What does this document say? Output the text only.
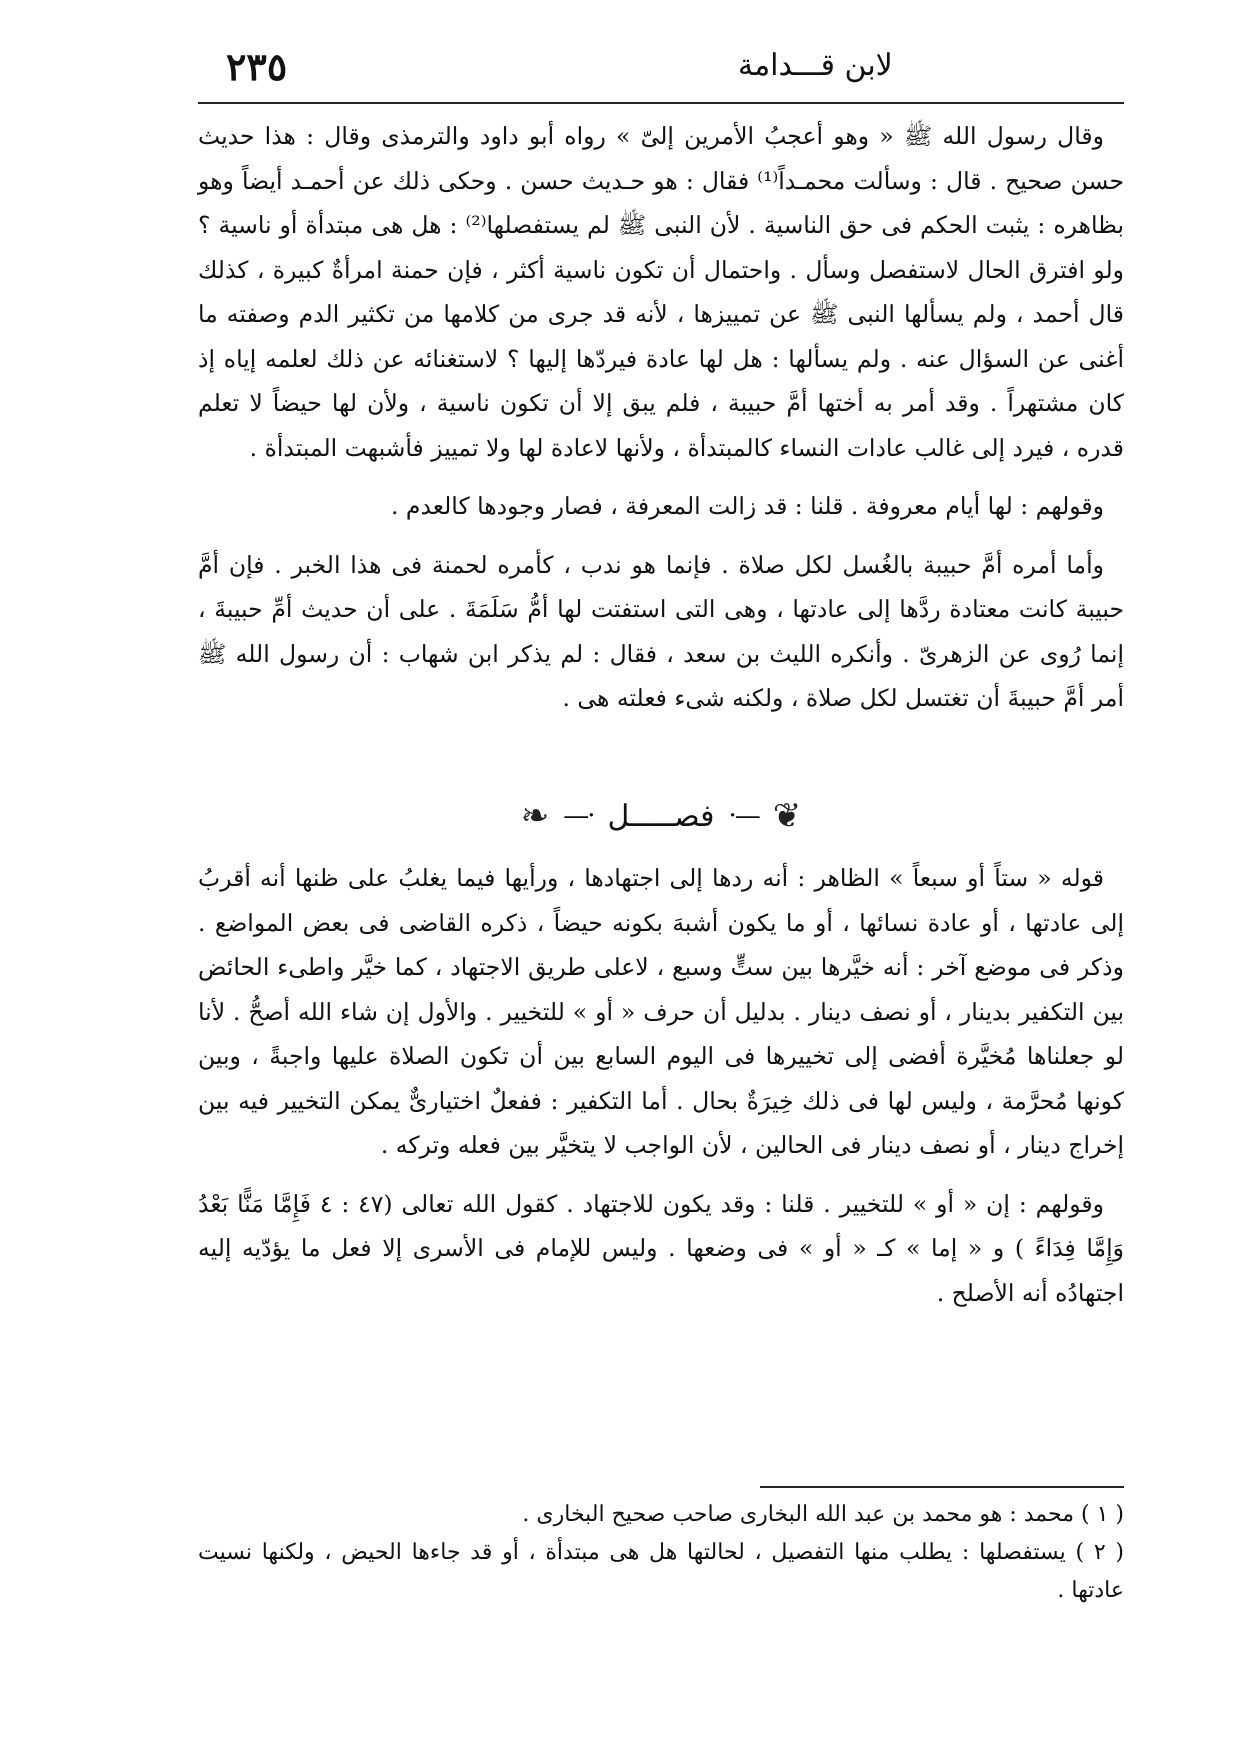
٢٣٥	لابن قـــدامة

وقال رسول الله ﷺ « وهو أعجبُ الأمرين إلىّ » رواه أبو داود والترمذى وقال : هذا حديث حسن صحيح . قال : وسألت محمـداً⁽¹⁾ فقال : هو حـديث حسن . وحكى ذلك عن أحمـد أيضاً وهو بظاهره : يثبت الحكم فى حق الناسية . لأن النبى ﷺ لم يستفصلها⁽²⁾ : هل هى مبتدأة أو ناسية ؟ ولو افترق الحال لاستفصل وسأل . واحتمال أن تكون ناسية أكثر ، فإن حمنة امرأةٌ كبيرة ، كذلك قال أحمد ، ولم يسألها النبى ﷺ عن تمييزها ، لأنه قد جرى من كلامها من تكثير الدم وصفته ما أغنى عن السؤال عنه . ولم يسألها : هل لها عادة فيردّها إليها ؟ لاستغنائه عن ذلك لعلمه إياه إذ كان مشتهراً . وقد أمر به أختها أمَّ حبيبة ، فلم يبق إلا أن تكون ناسية ، ولأن لها حيضاً لا تعلم قدره ، فيرد إلى غالب عادات النساء كالمبتدأة ، ولأنها لاعادة لها ولا تمييز فأشبهت المبتدأة .

وقولهم : لها أيام معروفة . قلنا : قد زالت المعرفة ، فصار وجودها كالعدم .

وأما أمره أمَّ حبيبة بالغُسل لكل صلاة . فإنما هو ندب ، كأمره لحمنة فى هذا الخبر . فإن أمَّ حبيبة كانت معتادة ردَّها إلى عادتها ، وهى التى استفتت لها أمُّ سَلَمَةَ . على أن حديث أمِّ حبيبةَ ، إنما رُوى عن الزهرىّ . وأنكره الليث بن سعد ، فقال : لم يذكر ابن شهاب : أن رسول الله ﷺ أمر أمَّ حبيبةَ أن تغتسل لكل صلاة ، ولكنه شىء فعلته هى .

❦
—·
فصـــــل
·—
❧

قوله « ستاً أو سبعاً » الظاهر : أنه ردها إلى اجتهادها ، ورأيها فيما يغلبُ على ظنها أنه أقربُ إلى عادتها ، أو عادة نسائها ، أو ما يكون أشبهَ بكونه حيضاً ، ذكره القاضى فى بعض المواضع . وذكر فى موضع آخر : أنه خيَّرها بين ستٍّ وسبع ، لاعلى طريق الاجتهاد ، كما خيَّر واطىء الحائض بين التكفير بدينار ، أو نصف دينار . بدليل أن حرف « أو » للتخيير . والأول إن شاء الله أصحُّ . لأنا لو جعلناها مُخيَّرة أفضى إلى تخييرها فى اليوم السابع بين أن تكون الصلاة عليها واجبةً ، وبين كونها مُحرَّمة ، وليس لها فى ذلك خِيرَةٌ بحال . أما التكفير : ففعلٌ اختيارىٌّ يمكن التخيير فيه بين إخراج دينار ، أو نصف دينار فى الحالين ، لأن الواجب لا يتخيَّر بين فعله وتركه .

وقولهم : إن « أو » للتخيير . قلنا : وقد يكون للاجتهاد . كقول الله تعالى (٤٧ : ٤ فَإِمَّا مَنًّا بَعْدُ وَإِمَّا فِدَاءً ) و « إما » كـ « أو » فى وضعها . وليس للإمام فى الأسرى إلا فعل ما يؤدّيه إليه اجتهادُه أنه الأصلح .

( ١ ) محمد : هو محمد بن عبد الله البخارى صاحب صحيح البخارى .

( ٢ ) يستفصلها : يطلب منها التفصيل ، لحالتها هل هى مبتدأة ، أو قد جاءها الحيض ، ولكنها نسيت عادتها .
